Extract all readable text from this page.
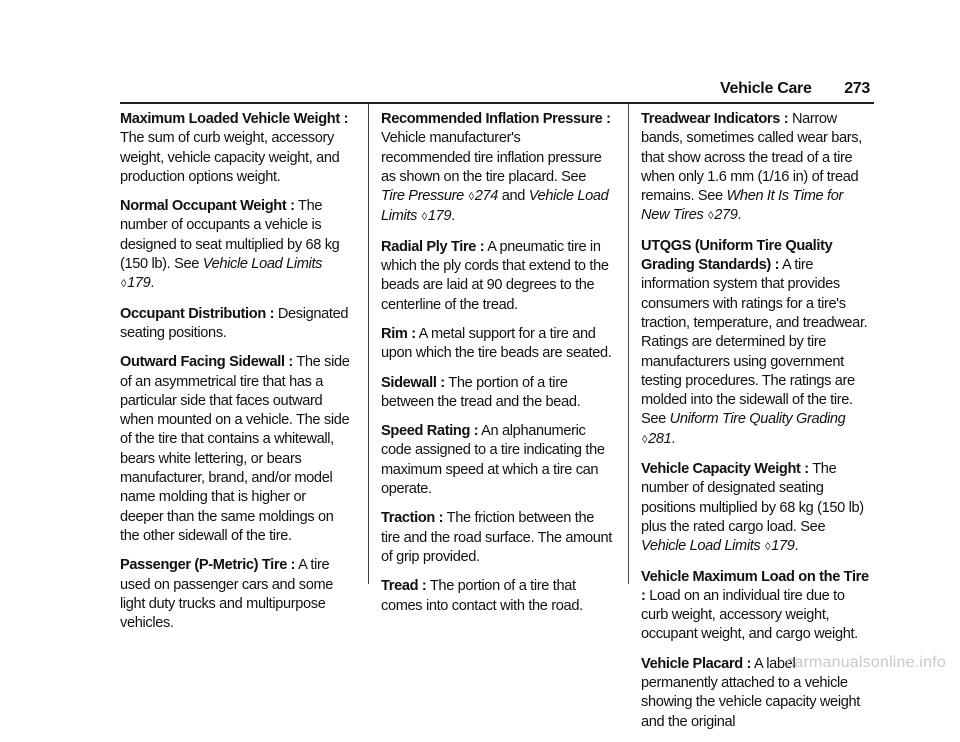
Vehicle Care 273

Maximum Loaded Vehicle Weight : The sum of curb weight, accessory weight, vehicle capacity weight, and production options weight.

Normal Occupant Weight : The number of occupants a vehicle is designed to seat multiplied by 68 kg (150 lb). See Vehicle Load Limits ◊179.

Occupant Distribution : Designated seating positions.

Outward Facing Sidewall : The side of an asymmetrical tire that has a particular side that faces outward when mounted on a vehicle. The side of the tire that contains a whitewall, bears white lettering, or bears manufacturer, brand, and/or model name molding that is higher or deeper than the same moldings on the other sidewall of the tire.

Passenger (P-Metric) Tire : A tire used on passenger cars and some light duty trucks and multipurpose vehicles.

Recommended Inflation Pressure : Vehicle manufacturer's recommended tire inflation pressure as shown on the tire placard. See Tire Pressure ◊274 and Vehicle Load Limits ◊179.

Radial Ply Tire : A pneumatic tire in which the ply cords that extend to the beads are laid at 90 degrees to the centerline of the tread.

Rim : A metal support for a tire and upon which the tire beads are seated.

Sidewall : The portion of a tire between the tread and the bead.

Speed Rating : An alphanumeric code assigned to a tire indicating the maximum speed at which a tire can operate.

Traction : The friction between the tire and the road surface. The amount of grip provided.

Tread : The portion of a tire that comes into contact with the road.

Treadwear Indicators : Narrow bands, sometimes called wear bars, that show across the tread of a tire when only 1.6 mm (1/16 in) of tread remains. See When It Is Time for New Tires ◊279.

UTQGS (Uniform Tire Quality Grading Standards) : A tire information system that provides consumers with ratings for a tire's traction, temperature, and treadwear. Ratings are determined by tire manufacturers using government testing procedures. The ratings are molded into the sidewall of the tire. See Uniform Tire Quality Grading ◊281.

Vehicle Capacity Weight : The number of designated seating positions multiplied by 68 kg (150 lb) plus the rated cargo load. See Vehicle Load Limits ◊179.

Vehicle Maximum Load on the Tire : Load on an individual tire due to curb weight, accessory weight, occupant weight, and cargo weight.

Vehicle Placard : A label permanently attached to a vehicle showing the vehicle capacity weight and the original

carmanualsonline.info
